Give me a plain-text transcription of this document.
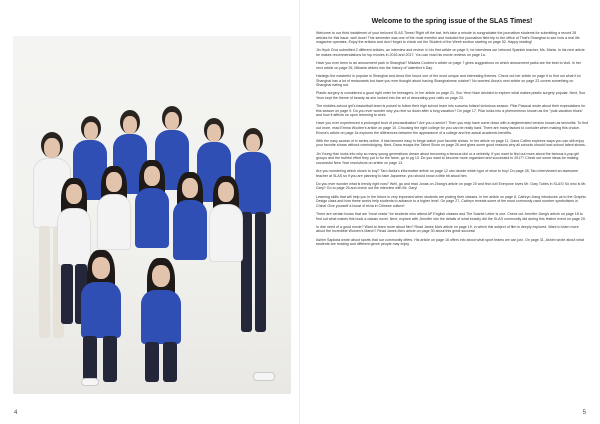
4
Welcome to the spring issue of the SLAS Times!

Welcome to our third installment of your beloved SLAS Times! Right off the bat, let's take a minute to congratulate the journalism students for submitting a record 28 articles for this issue, well done! This semester was one of the most eventful and included the journalism field trip to the office of That's Shanghai to see how a real life magazine operates. Enjoy the articles and don't forget to check out the Student of the Week section starting on page 52. Happy reading!

Jin Hyuk Choi submitted 2 different articles, an interview and review. In his first article on page 9, he interviews our beloved Spanish teacher, Ms. Marta. In his next article he makes recommendations for top movies in 2016 and 2017. You can read his movie reviews on page 1a.

Have you ever been to an amusement park in Shanghai? Mikaela Cordero's article on page 7 gives suggestions on which amusement parks are the best to visit. In her next article on page 26, Mikaela delves into the history of Valentine's Day.

Hanlegu the masterful in popular in Shanghai and Anna Kim found one of the most unique and interesting themes. Check out her article on page 6 to find out what it is! Shanghai has a lot of restaurants but have you ever thought about having Shanghainese cuisine? No worries! Anna's next article on page 22 covers something on Shanghai eating out.

Plastic surgery is considered a good right order for teenagers. In her article on page 21, Soo Yeon Nam decided to explore what makes plastic surgery popular. Next, Soo Yeon kept the theme of beauty as she looked into the art of decorating your nails on page 23.

The middles-school girl's basketball team is poised to follow their high school team into success fulland victorious season. Pilar Pascual wrote about their expectations for this season on page 9. Do you ever wonder why you feel so down after a long vacation? On page 17, Pilar looks into a phenomenon known as the "post-vacation blues" and how it affects us upon returning to work.

Have you ever experienced a prolonged bout of procrastination? Are you a senior? Then you may have come down with a deglenerated version known as senioritis. To find out more, read Emma Wooten's article on page 10. Choosing the right college for you can be really hard. There are many factors to consider when making this choice. Emma's article on page 1a explores the differences between the appearance of a college and the actual academic benefits.

With the easy access of tv series online, it has become easy to binge watch your favorite shows. In her article on page 11, Dana Collins explores ways you can still enjoy your favorite shows without overindulging. Next, Dana recaps the Talent Show on page 26 and gives some good reasons why all schools should host school talent shows.

Jin Young Han looks into why so many young generations dream about becoming a famous idol or a celebrity. If you want to find out more about the famous k-pop girl groups and the truthful effort they put in for the fame, go to pg 13. Do you want to become more organized and successful in 2017? Check out some ideas for making successful New Year resolutions on article on page 13.

Are you wondering which shoes to buy? Taro Ikeda's informative article on page 12 can decide which type of shoe to buy! On page 28, Taro interviewed an awesome teacher at SLAS so if you are planning to take Japanese, you should know a little bit about him.

Do you ever wonder what is trendy right now? Well, go and read Jonas on Zhang's article on page 20 and find out! Everyone loves Mr. Gary Tubbs in SLAS! So who is Mr. Gary? Go to page 25 and check out the interview with Mr. Gary!

Learning skills that will help you in the future is very important when students are picking their classes. In her article on page 8, Cathryn Jiang introduces us to the Graphic Design class and how these works help students to advance to a higher level. On page 27, Cathryn reveals some of the most commonly used number symbolisms in China! Give yourself a boost of trivia in Chinese culture!

There are certain books that are "must reads" for students who attend AP English classes and The Scarlet Letter is one. Check out Jennifer Jiang's article on page 18 to find out what makes this book a classic novel. Next, explore with Jennifer into the details of what exactly did the SLAS community did during this festive event on page 29.

In dire need of a good movie? Want to learn more about film? Read Janes Ma's article on page 19, in which this subject of film is deeply explored. Want to learn more about the Incredible Women's March? Read Janes Ma's article on page 30 about this great success!

Ashim Sapkota wrote about sports that our community offers. His article on page 16 offers info about what sport teams we can join. On page 31, Ashim wrote about what students are reading and different genre people may enjoy.

5
